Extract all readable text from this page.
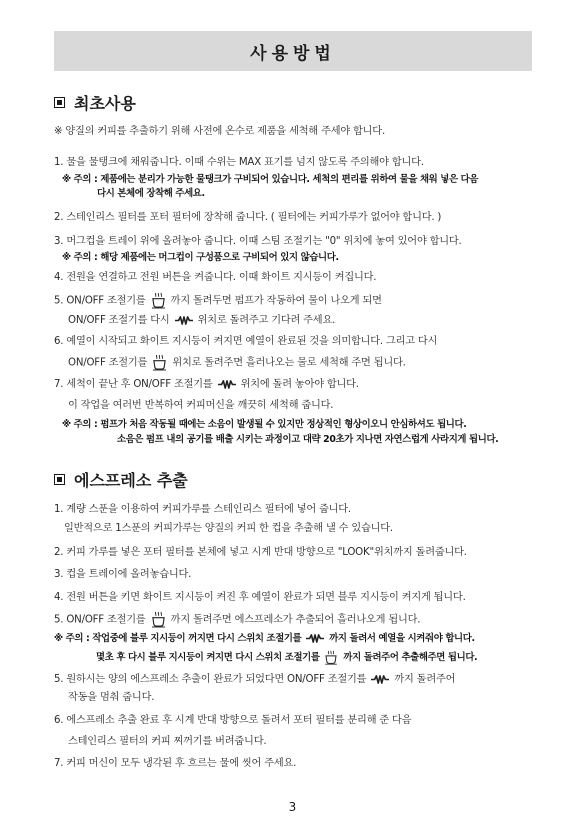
사용방법
최초사용
※ 양질의 커피를 추출하기 위해 사전에 온수로 제품을 세척해 주세야 합니다.
1. 물을 물탱크에 채워줍니다. 이때 수위는 MAX 표기를 넘지 않도록 주의해야 합니다.
※ 주의 : 제품에는 분리가 가능한 물탱크가 구비되어 있습니다. 세척의 편리를 위하여 물을 채워 넣은 다음
다시 본체에 장착해 주세요.
2. 스테인리스 필터를 포터 필터에 장착해 줍니다. ( 필터에는 커피가루가 없어야 합니다. )
3. 머그컵을 트레이 위에 올려놓아 줍니다. 이때 스팀 조절기는 "0" 위치에 놓여 있어야 합니다.
※ 주의 : 해당 제품에는 머그컵이 구성품으로 구비되어 있지 않습니다.
4. 전원을 연결하고 전원 버튼을 켜줍니다. 이때 화이트 지시등이 켜집니다.
5. ON/OFF 조절기를 까지 돌려두면 펌프가 작동하여 물이 나오게 되면
ON/OFF 조절기를 다시	위치로 돌려주고 기다려 주세요.
6. 예열이 시작되고 화이트 지시등이 켜지면 예열이 완료된 것을 의미합니다. 그리고 다시
ON/OFF 조절기를 위치로 돌려주면 흘러나오는 물로 세척해 주면 됩니다.
7. 세척이 끝난 후 ON/OFF 조절기를	위치에 돌려 놓아야 합니다.
이 작업을 여러번 반복하여 커피머신을 깨끗히 세척해 줍니다.
※ 주의 : 펌프가 처음 작동될 때에는 소음이 발생될 수 있지만 정상적인 형상이오니 안심하셔도 됩니다.
소음은 펌프 내의 공기를 배출 시키는 과정이고 대략 20초가 지나면 자연스럽게 사라지게 됩니다.
에스프레소 추출
1. 계량 스푼을 이용하여 커피가루를 스테인리스 필터에 넣어 줍니다.
일반적으로 1스푼의 커피가루는 양질의 커피 한 컵을 추출해 낼 수 있습니다.
2. 커피 가루를 넣은 포터 필터를 본체에 넣고 시계 반대 방향으로 "LOOK"위치까지 돌려줍니다.
3. 컵을 트레이에 올려놓습니다.
4. 전원 버튼을 키면 화이트 지시등이 켜진 후 예열이 완료가 되면 블루 지시등이 켜지게 됩니다.
5. ON/OFF 조절기를 까지 돌려주면 에스프레소가 추출되어 흘러나오게 됩니다.
※ 주의 : 작업중에 블루 지시등이 꺼지면 다시 스위치 조절기를	까지 돌려서 예열을 시켜줘야 합니다.
몇초 후 다시 블루 지시등이 켜지면 다시 스위치 조절기를	까지 돌려주어 추출해주면 됩니다.
5. 원하시는 양의 에스프레소 추출이 완료가 되었다면 ON/OFF 조절기를	까지 돌려주어
작동을 멈춰 줍니다.
6. 에스프레소 추출 완료 후 시계 반대 방향으로 돌려서 포터 필터를 분리해 준 다음
스테인리스 필터의 커피 찌꺼기를 버려줍니다.
7. 커피 머신이 모두 냉각된 후 흐르는 물에 씻어 주세요.
3
